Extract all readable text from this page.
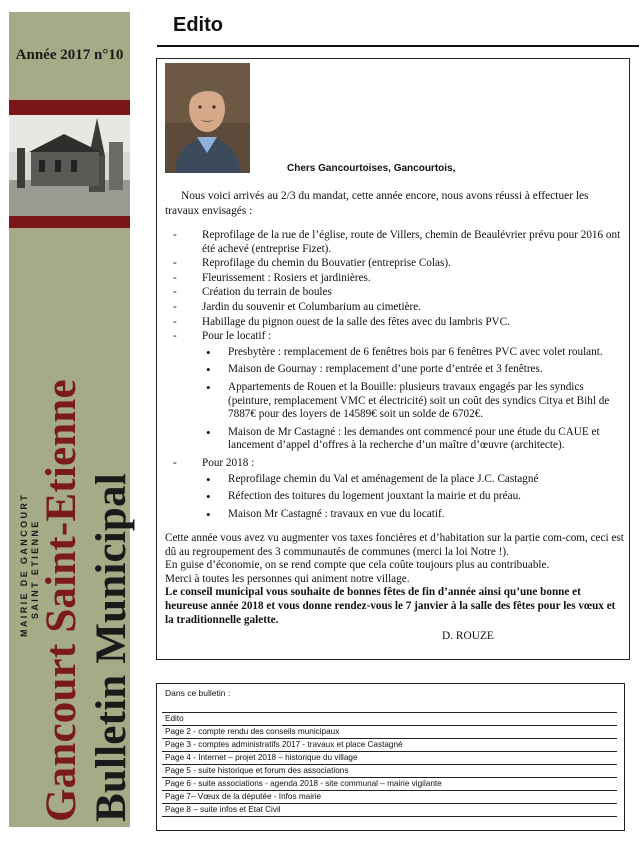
Année 2017 n°10
MAIRIE DE GANCOURT SAINT ETIENNE
Gancourt Saint-Etienne Bulletin Municipal
Edito
Chers Gancourtoises, Gancourtois,

Nous voici arrivés au 2/3 du mandat, cette année encore, nous avons réussi à effectuer les travaux envisagés :

- Reprofilage de la rue de l’église, route de Villers, chemin de Beaulévrier prévu pour 2016 ont été achevé (entreprise Fizet).
- Reprofilage du chemin du Bouvatier (entreprise Colas).
- Fleurissement : Rosiers et jardinières.
- Création du terrain de boules
- Jardin du souvenir et Columbarium au cimetière.
- Habillage du pignon ouest de la salle des fêtes avec du lambris PVC.
- Pour le locatif :
• Presbytère : remplacement de 6 fenêtres bois par 6 fenêtres PVC avec volet roulant.
• Maison de Gournay : remplacement d’une porte d’entrée et 3 fenêtres.
• Appartements de Rouen et la Bouille: plusieurs travaux engagés par les syndics (peinture, remplacement VMC et électricité) soit un coût des syndics Citya et Bihl de 7887€ pour des loyers de 14589€ soit un solde de 6702€.
• Maison de Mr Castagné : les demandes ont commencé pour une étude du CAUE et lancement d’appel d’offres à la recherche d’un maître d’œuvre (architecte).
- Pour 2018 :
• Reprofilage chemin du Val et aménagement de la place J.C. Castagné
• Réfection des toitures du logement jouxtant la mairie et du préau.
• Maison Mr Castagné : travaux en vue du locatif.

Cette année vous avez vu augmenter vos taxes foncières et d’habitation sur la partie com-com, ceci est dû au regroupement des 3 communautés de communes (merci la loi Notre !).

En guise d’économie, on se rend compte que cela coûte toujours plus au contribuable.

Merci à toutes les personnes qui animent notre village.

Le conseil municipal vous souhaite de bonnes fêtes de fin d’année ainsi qu’une bonne et heureuse année 2018 et vous donne rendez-vous le 7 janvier à la salle des fêtes pour les vœux et la traditionnelle galette.

D. ROUZE
Dans ce bulletin :
Edito
Page 2 - compte rendu des conseils municipaux
Page 3 - comptes administratifs 2017 - travaux et place Castagné
Page 4 - Internet – projet 2018 – historique du village
Page 5 - suite historique et forum des associations
Page 6 - suite associations - agenda 2018 - site communal – mairie vigilante
Page 7– Vœux de la députée - Infos mairie
Page 8 – suite infos et Etat Civil
